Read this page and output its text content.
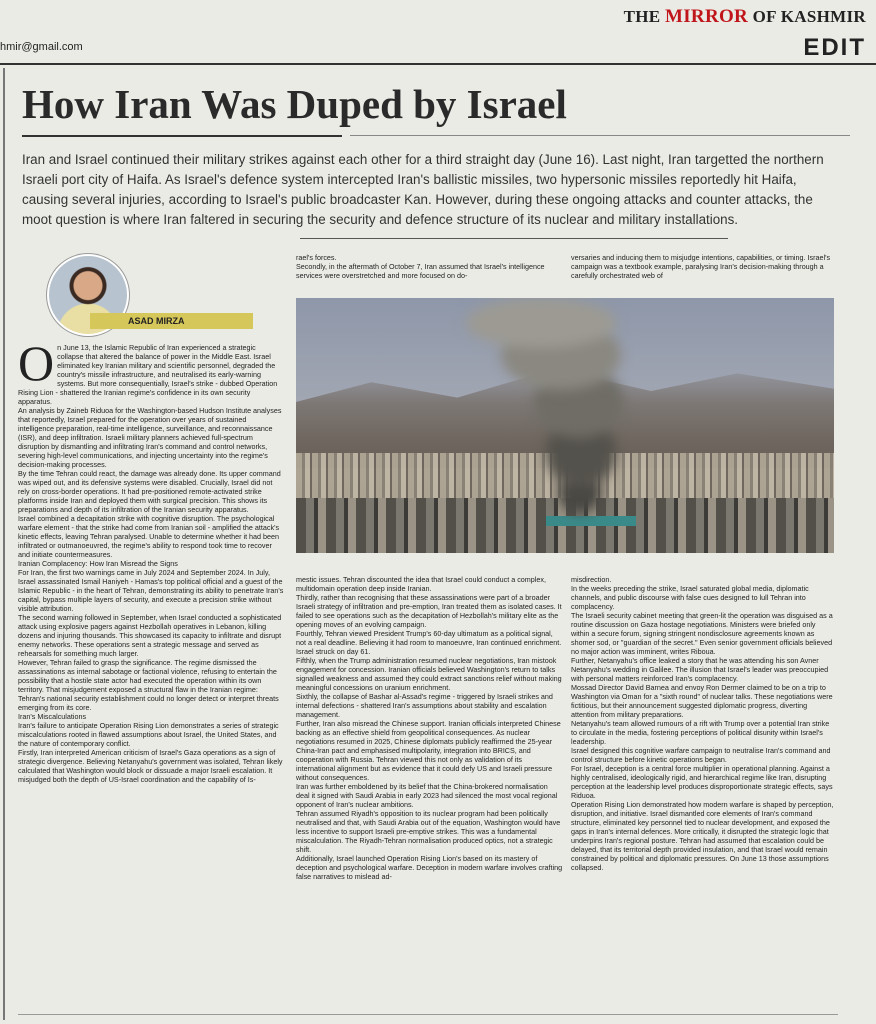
THE MIRROR OF KASHMIR
hmir@gmail.com	EDIT
How Iran Was Duped by Israel

Iran and Israel continued their military strikes against each other for a third straight day (June 16). Last night, Iran targetted the northern Israeli port city of Haifa. As Israel's defence system intercepted Iran's ballistic missiles, two hypersonic missiles reportedly hit Haifa, causing several injuries, according to Israel's public broadcaster Kan. However, during these ongoing attacks and counter attacks, the moot question is where Iran faltered in securing the security and defence structure of its nuclear and military installations.

ASAD MIRZA

On June 13, the Islamic Republic of Iran experienced a strategic collapse that altered the balance of power in the Middle East. Israel eliminated key Iranian military and scientific personnel, degraded the country's missile infrastructure, and neutralised its early-warning systems. But more consequentially, Israel's strike - dubbed Operation Rising Lion - shattered the Iranian regime's confidence in its own security apparatus.

An analysis by Zaineb Riduoa for the Washington-based Hudson Institute analyses that reportedly, Israel prepared for the operation over years of sustained intelligence preparation, real-time intelligence, surveillance, and reconnaissance (ISR), and deep infiltration. Israeli military planners achieved full-spectrum disruption by dismantling and infiltrating Iran's command and control networks, severing high-level communications, and injecting uncertainty into the regime's decision-making processes.

By the time Tehran could react, the damage was already done. Its upper command was wiped out, and its defensive systems were disabled. Crucially, Israel did not rely on cross-border operations. It had pre-positioned remote-activated strike platforms inside Iran and deployed them with surgical precision. This shows its preparations and depth of its infiltration of the Iranian security apparatus.

Israel combined a decapitation strike with cognitive disruption. The psychological warfare element - that the strike had come from Iranian soil - amplified the attack's kinetic effects, leaving Tehran paralysed. Unable to determine whether it had been infiltrated or outmanoeuvred, the regime's ability to respond took time to recover and initiate countermeasures.

Iranian Complacency: How Iran Misread the Signs

For Iran, the first two warnings came in July 2024 and September 2024. In July, Israel assassinated Ismail Haniyeh - Hamas's top political official and a guest of the Islamic Republic - in the heart of Tehran, demonstrating its ability to penetrate Iran's capital, bypass multiple layers of security, and execute a precision strike without visible attribution.

The second warning followed in September, when Israel conducted a sophisticated attack using explosive pagers against Hezbollah operatives in Lebanon, killing dozens and injuring thousands. This showcased its capacity to infiltrate and disrupt enemy networks. These operations sent a strategic message and served as rehearsals for something much larger.

However, Tehran failed to grasp the significance. The regime dismissed the assassinations as internal sabotage or factional violence, refusing to entertain the possibility that a hostile state actor had executed the operation within its own territory. That misjudgement exposed a structural flaw in the Iranian regime: Tehran's national security establishment could no longer detect or interpret threats emerging from its core.

Iran's Miscalculations

Iran's failure to anticipate Operation Rising Lion demonstrates a series of strategic miscalculations rooted in flawed assumptions about Israel, the United States, and the nature of contemporary conflict.

Firstly, Iran interpreted American criticism of Israel's Gaza operations as a sign of strategic divergence. Believing Netanyahu's government was isolated, Tehran likely calculated that Washington would block or dissuade a major Israeli escalation. It misjudged both the depth of US-Israel coordination and the capability of Is-

rael's forces.

Secondly, in the aftermath of October 7, Iran assumed that Israel's intelligence services were overstretched and more focused on do-

versaries and inducing them to misjudge intentions, capabilities, or timing. Israel's campaign was a textbook example, paralysing Iran's decision-making through a carefully orchestrated web of

mestic issues. Tehran discounted the idea that Israel could conduct a complex, multidomain operation deep inside Iranian.

Thirdly, rather than recognising that these assassinations were part of a broader Israeli strategy of infiltration and pre-emption, Iran treated them as isolated cases. It failed to see operations such as the decapitation of Hezbollah's military elite as the opening moves of an evolving campaign.

Fourthly, Tehran viewed President Trump's 60-day ultimatum as a political signal, not a real deadline. Believing it had room to manoeuvre, Iran continued enrichment. Israel struck on day 61.

Fifthly, when the Trump administration resumed nuclear negotiations, Iran mistook engagement for concession. Iranian officials believed Washington's return to talks signalled weakness and assumed they could extract sanctions relief without making meaningful concessions on uranium enrichment.

Sixthly, the collapse of Bashar al-Assad's regime - triggered by Israeli strikes and internal defections - shattered Iran's assumptions about stability and escalation management.

Further, Iran also misread the Chinese support. Iranian officials interpreted Chinese backing as an effective shield from geopolitical consequences. As nuclear negotiations resumed in 2025, Chinese diplomats publicly reaffirmed the 25-year China-Iran pact and emphasised multipolarity, integration into BRICS, and cooperation with Russia. Tehran viewed this not only as validation of its international alignment but as evidence that it could defy US and Israeli pressure without consequences.

Iran was further emboldened by its belief that the China-brokered normalisation deal it signed with Saudi Arabia in early 2023 had silenced the most vocal regional opponent of Iran's nuclear ambitions.

Tehran assumed Riyadh's opposition to its nuclear program had been politically neutralised and that, with Saudi Arabia out of the equation, Washington would have less incentive to support Israeli pre-emptive strikes. This was a fundamental miscalculation. The Riyadh-Tehran normalisation produced optics, not a strategic shift.

Additionally, Israel launched Operation Rising Lion's based on its mastery of deception and psychological warfare. Deception in modern warfare involves crafting false narratives to mislead ad-

misdirection.

In the weeks preceding the strike, Israel saturated global media, diplomatic channels, and public discourse with false cues designed to lull Tehran into complacency.

The Israeli security cabinet meeting that green-lit the operation was disguised as a routine discussion on Gaza hostage negotiations. Ministers were briefed only within a secure forum, signing stringent nondisclosure agreements known as shomer sod, or "guardian of the secret." Even senior government officials believed no major action was imminent, writes Riboua.

Further, Netanyahu's office leaked a story that he was attending his son Avner Netanyahu's wedding in Galilee. The illusion that Israel's leader was preoccupied with personal matters reinforced Iran's complacency.

Mossad Director David Barnea and envoy Ron Dermer claimed to be on a trip to Washington via Oman for a "sixth round" of nuclear talks. These negotiations were fictitious, but their announcement suggested diplomatic progress, diverting attention from military preparations.

Netanyahu's team allowed rumours of a rift with Trump over a potential Iran strike to circulate in the media, fostering perceptions of political disunity within Israel's leadership.

Israel designed this cognitive warfare campaign to neutralise Iran's command and control structure before kinetic operations began.

For Israel, deception is a central force multiplier in operational planning. Against a highly centralised, ideologically rigid, and hierarchical regime like Iran, disrupting perception at the leadership level produces disproportionate strategic effects, says Riduoa.

Operation Rising Lion demonstrated how modern warfare is shaped by perception, disruption, and initiative. Israel dismantled core elements of Iran's command structure, eliminated key personnel tied to nuclear development, and exposed the gaps in Iran's internal defences. More critically, it disrupted the strategic logic that underpins Iran's regional posture. Tehran had assumed that escalation could be delayed, that its territorial depth provided insulation, and that Israel would remain constrained by political and diplomatic pressures. On June 13 those assumptions collapsed.
